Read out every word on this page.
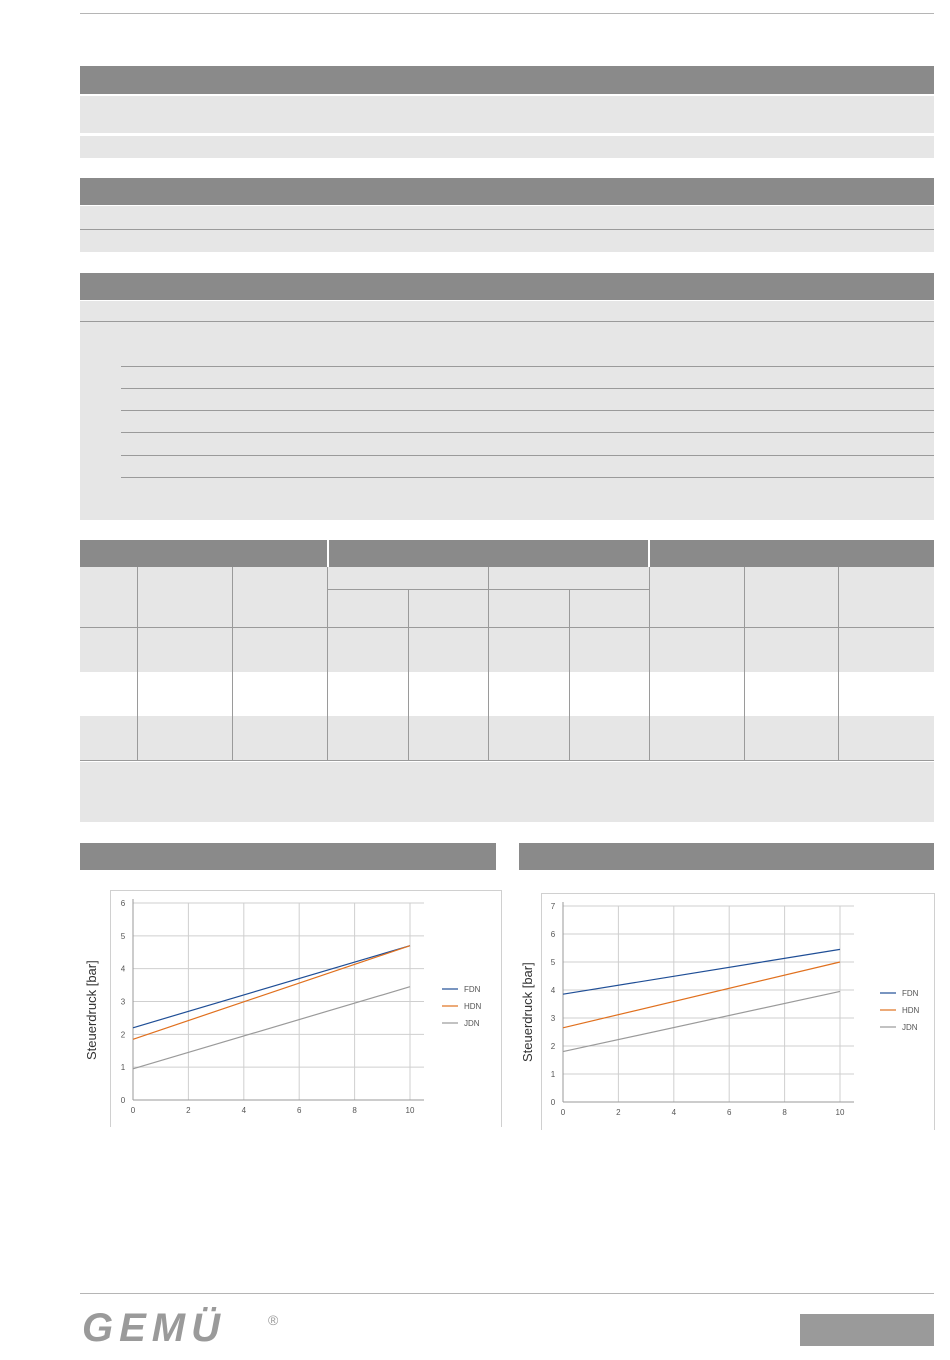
Steuerdruck [bar]	Steuerdruck [bar]
0	2	4	6	8	10
0
1
2
3
4
5
6
FDN
HDN
JDN
0	2	4	6	8	10
0
1
2
3
4
5
6
7
FDN
HDN
JDN
GEMÜ	®
